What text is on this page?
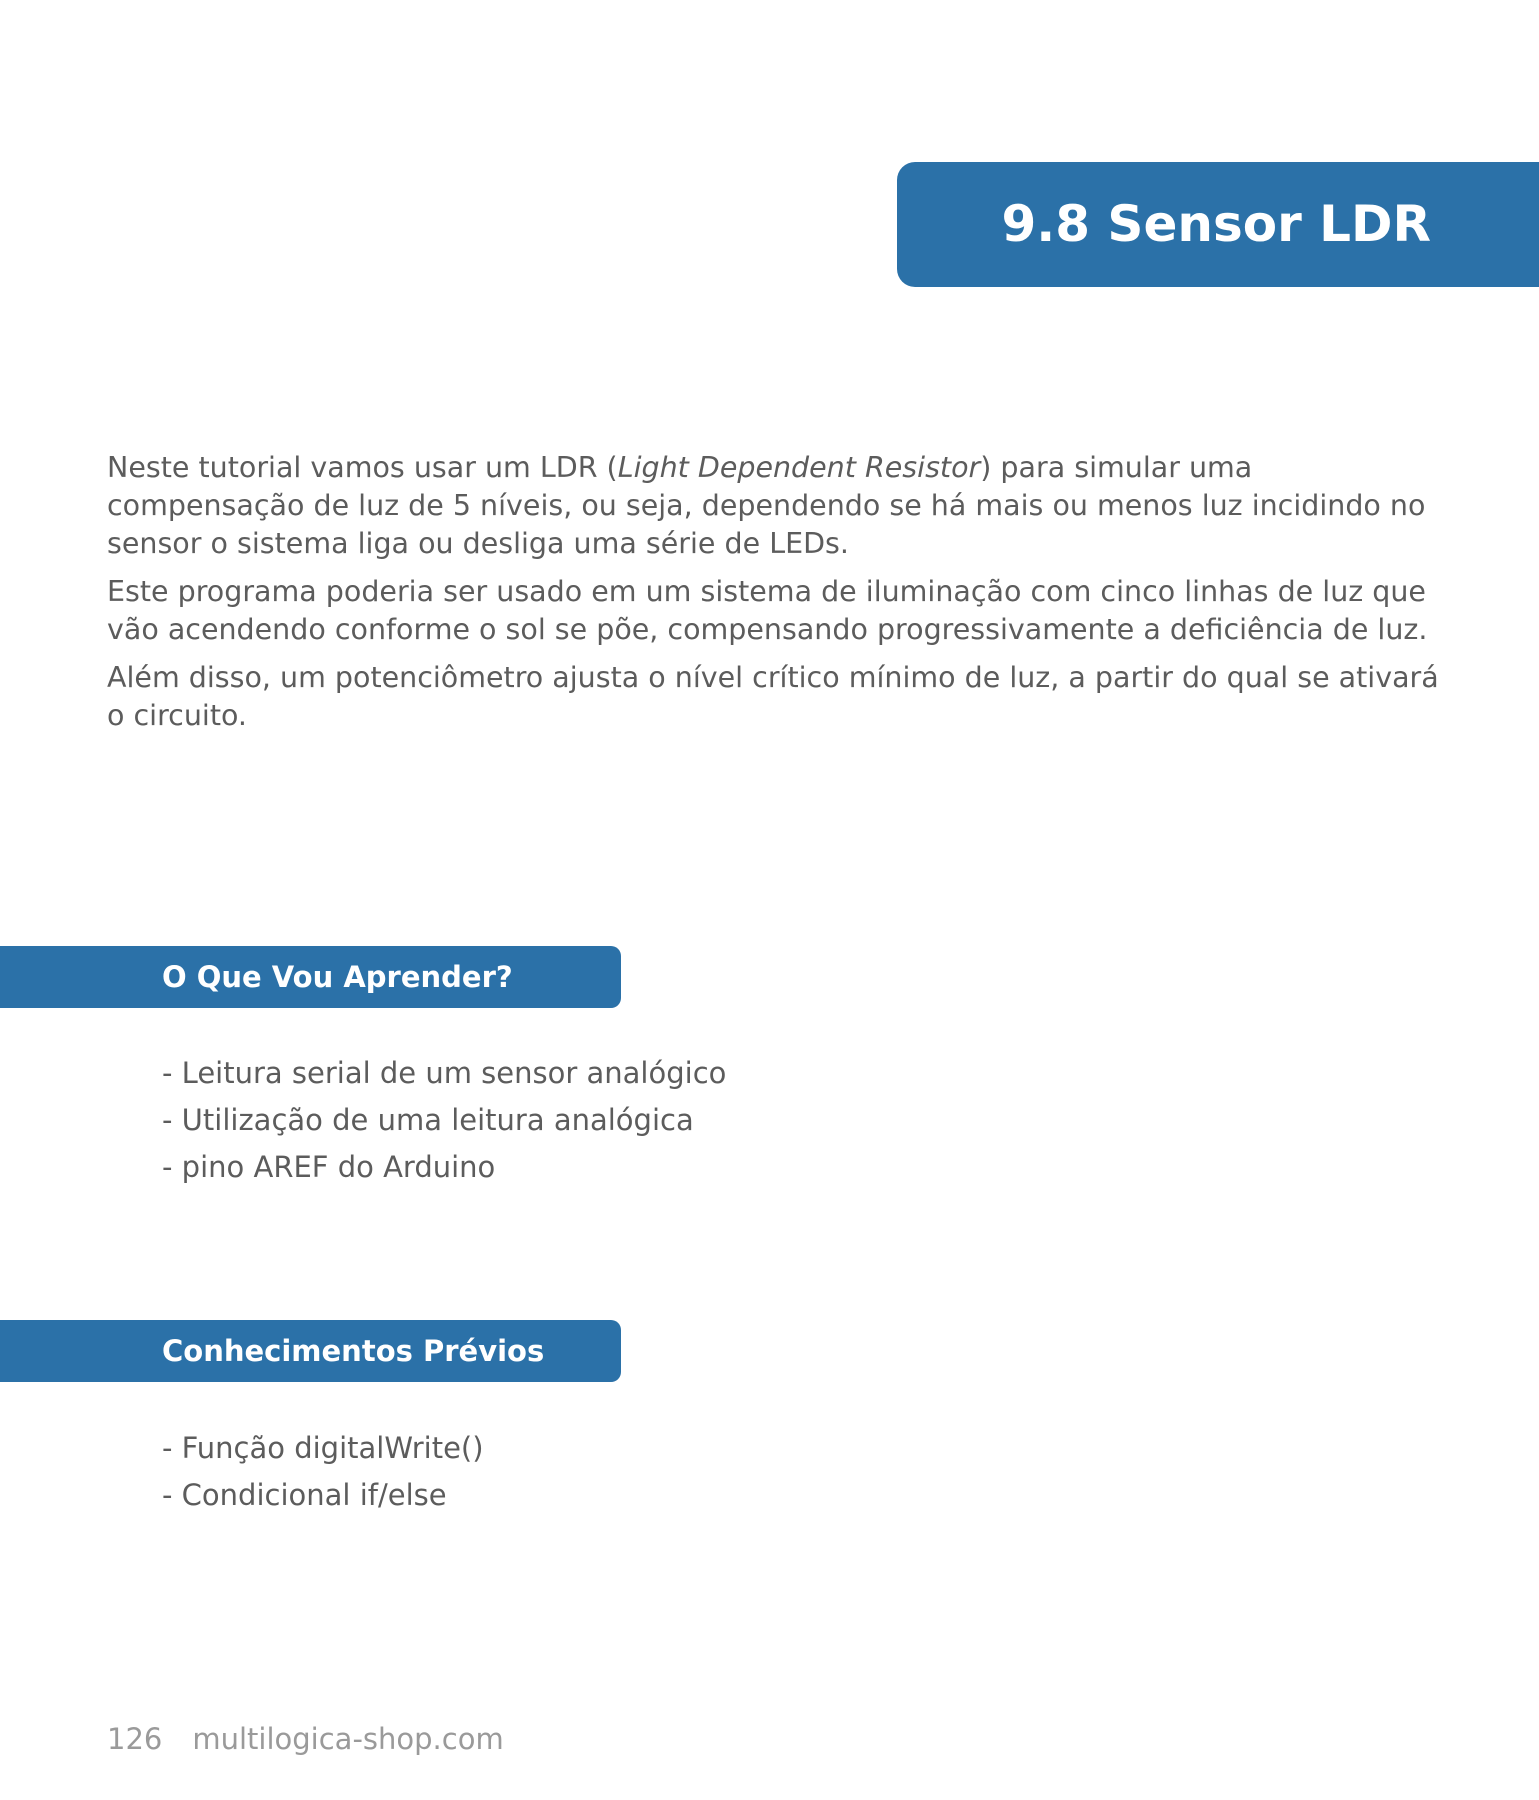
9.8 Sensor LDR

Neste tutorial vamos usar um LDR (Light Dependent Resistor) para simular uma compensação de luz de 5 níveis, ou seja, dependendo se há mais ou menos luz incidindo no sensor o sistema liga ou desliga uma série de LEDs.

Este programa poderia ser usado em um sistema de iluminação com cinco linhas de luz que vão acendendo conforme o sol se põe, compensando progressivamente a deficiência de luz.

Além disso, um potenciômetro ajusta o nível crítico mínimo de luz, a partir do qual se ativará o circuito.

O Que Vou Aprender?
- Leitura serial de um sensor analógico
- Utilização de uma leitura analógica
- pino AREF do Arduino
Conhecimentos Prévios
- Função digitalWrite()
- Condicional if/else
126 multilogica-shop.com
